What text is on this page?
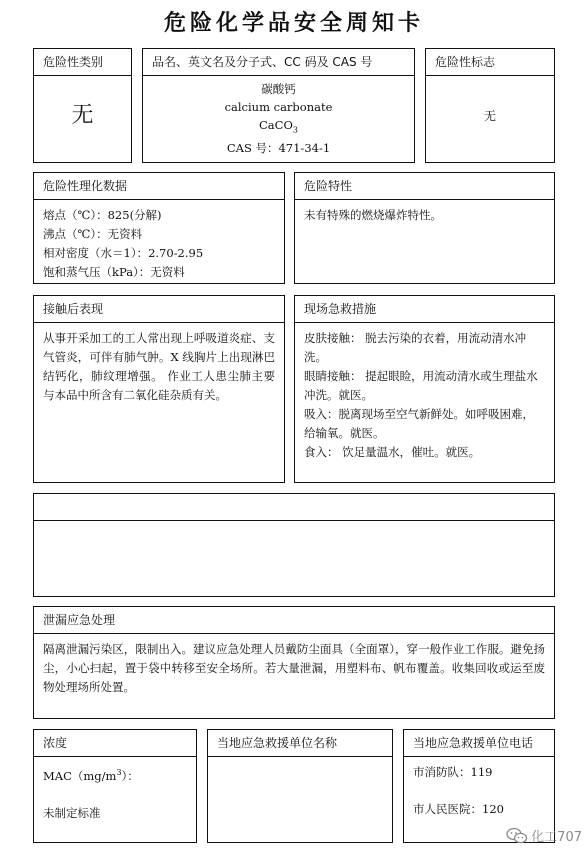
危险化学品安全周知卡
危险性类别
无
品名、英文名及分子式、CC 码及 CAS 号
碳酸钙
calcium carbonate
CaCO$_3$
CAS 号：471-34-1
危险性标志
无
危险性理化数据
熔点（℃）：825(分解)
沸点（℃）：无资料
相对密度（水＝1）：2.70-2.95
饱和蒸气压（kPa）：无资料
危险特性
未有特殊的燃烧爆炸特性。
接触后表现
从事开采加工的工人常出现上呼吸道炎症、支气管炎，可伴有肺气肿。X 线胸片上出现淋巴结钙化，肺纹理增强。 作业工人患尘肺主要与本品中所含有二氧化硅杂质有关。
现场急救措施
皮肤接触： 脱去污染的衣着，用流动清水冲洗。
眼睛接触： 提起眼睑，用流动清水或生理盐水冲洗。就医。
吸入：脱离现场至空气新鲜处。如呼吸困难，给输氧。就医。
食入： 饮足量温水，催吐。就医。
泄漏应急处理
隔离泄漏污染区，限制出入。建议应急处理人员戴防尘面具（全面罩），穿一般作业工作服。避免扬尘，小心扫起，置于袋中转移至安全场所。若大量泄漏，用塑料布、帆布覆盖。收集回收或运至废物处理场所处置。
浓度
$MAC(mg/m^3)$：
未制定标准
当地应急救援单位名称	当地应急救援单位电话
市消防队：119
市人民医院：120
化工707
